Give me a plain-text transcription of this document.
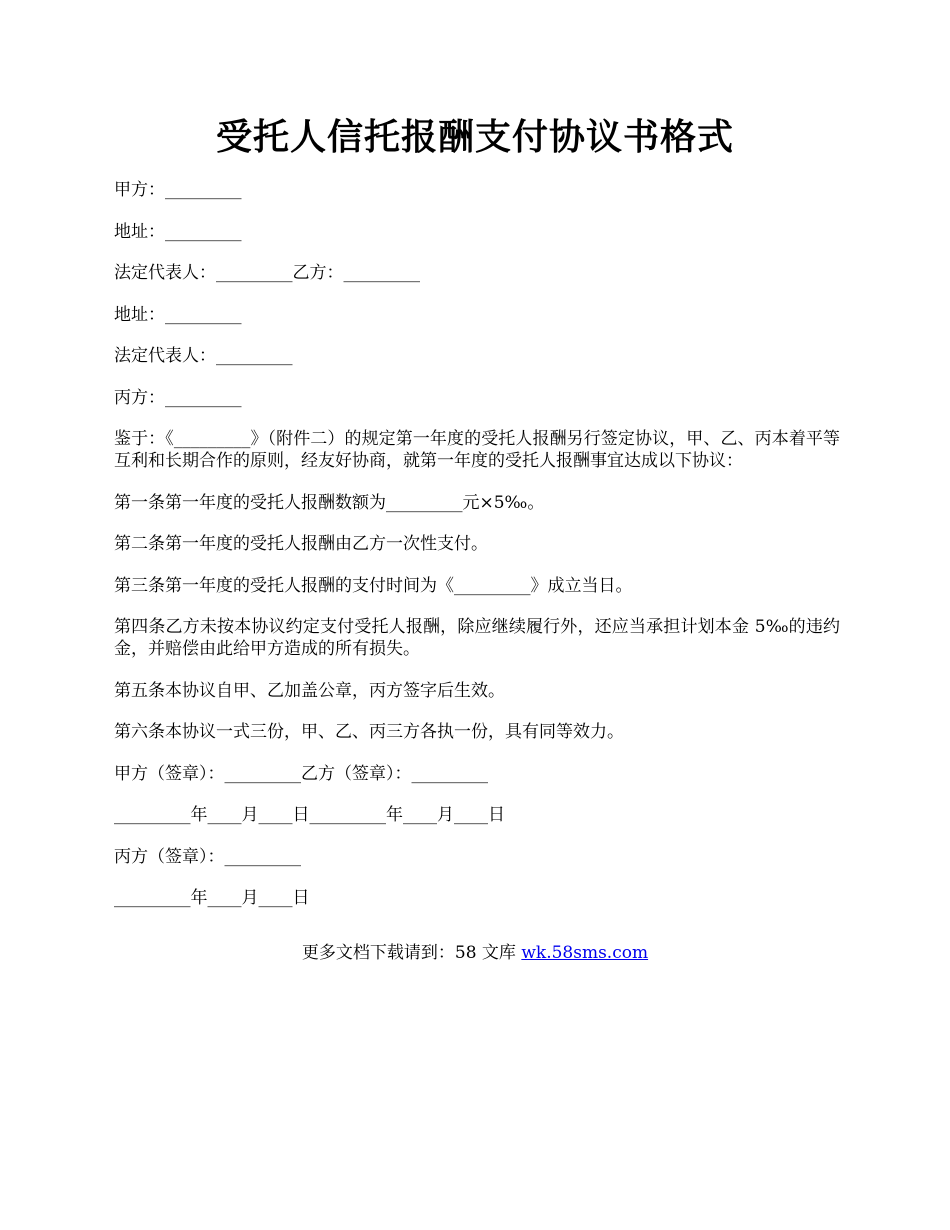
受托人信托报酬支付协议书格式

甲方：_________

地址：_________

法定代表人：_________乙方：_________

地址：_________

法定代表人：_________

丙方：_________

鉴于：《_________》（附件二）的规定第一年度的受托人报酬另行签定协议，甲、乙、丙本着平等互利和长期合作的原则，经友好协商，就第一年度的受托人报酬事宜达成以下协议：

第一条第一年度的受托人报酬数额为_________元×5‰。

第二条第一年度的受托人报酬由乙方一次性支付。

第三条第一年度的受托人报酬的支付时间为《_________》成立当日。

第四条乙方未按本协议约定支付受托人报酬，除应继续履行外，还应当承担计划本金 5‰的违约金，并赔偿由此给甲方造成的所有损失。

第五条本协议自甲、乙加盖公章，丙方签字后生效。

第六条本协议一式三份，甲、乙、丙三方各执一份，具有同等效力。

甲方（签章）：_________乙方（签章）：_________

_________年____月____日_________年____月____日

丙方（签章）：_________

_________年____月____日

更多文档下载请到：58 文库 wk.58sms.com
